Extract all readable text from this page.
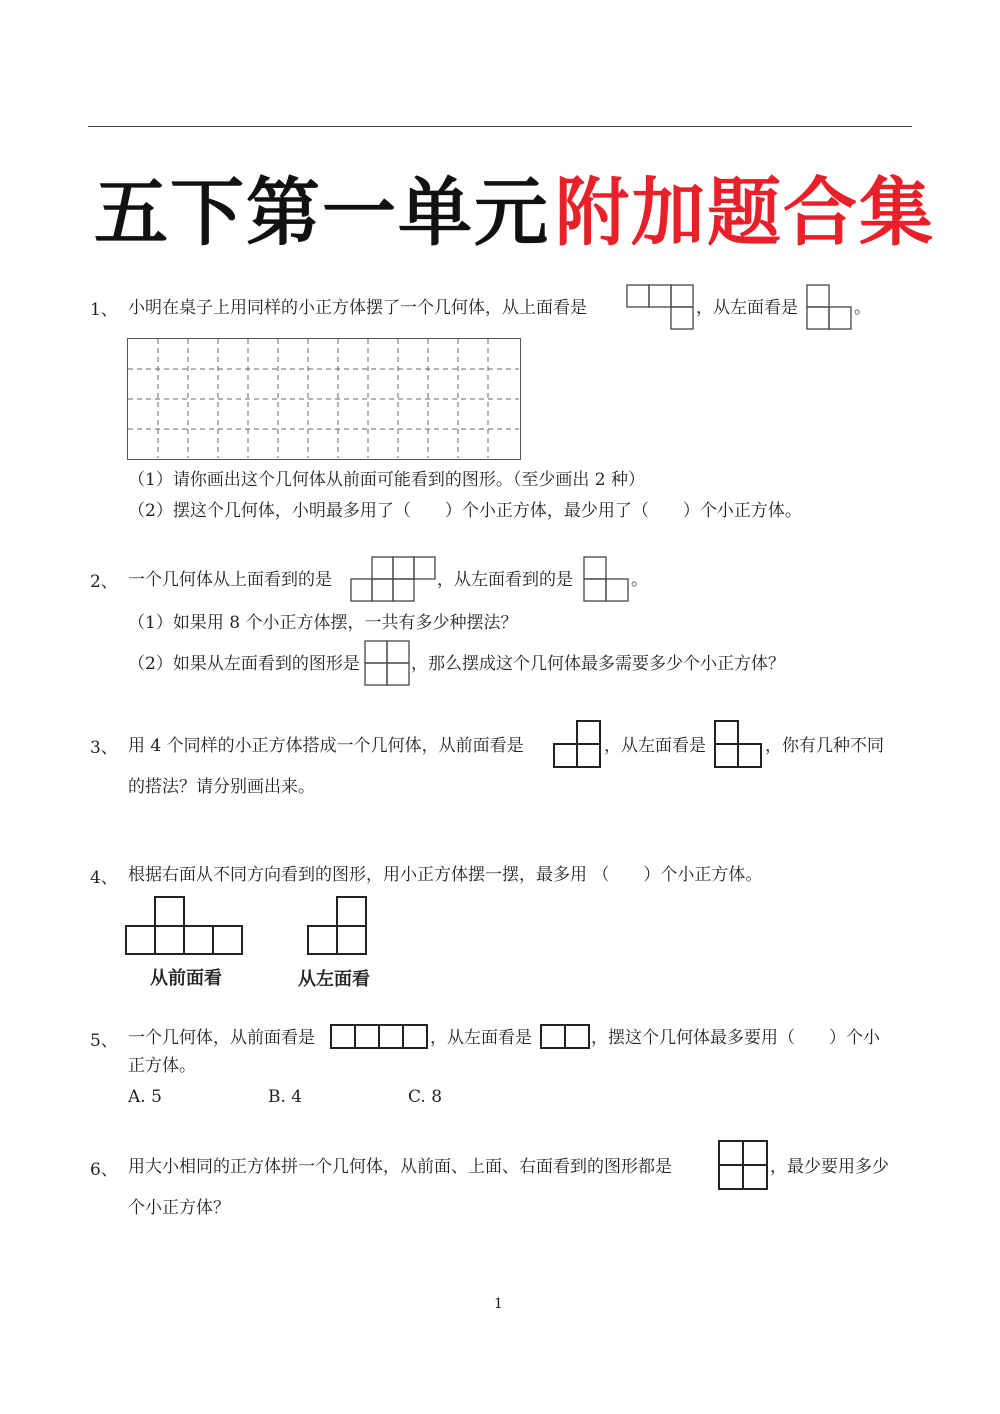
五下第一单元 附加题合集
1、 小明在桌子上用同样的小正方体摆了一个几何体，从上面看是	，从左面看是	。
（1）请你画出这个几何体从前面可能看到的图形。（至少画出 2 种）
（2）摆这个几何体，小明最多用了（　　）个小正方体，最少用了（　　）个小正方体。
2、 一个几何体从上面看到的是	，从左面看到的是	。
（1）如果用 8 个小正方体摆，一共有多少种摆法？
（2）如果从左面看到的图形是	，那么摆成这个几何体最多需要多少个小正方体？
3、 用 4 个同样的小正方体搭成一个几何体，从前面看是	，从左面看是	，你有几种不同
的搭法？请分别画出来。
4、 根据右面从不同方向看到的图形，用小正方体摆一摆，最多用 （　　）个小正方体。
从前面看	从左面看
5、 一个几何体，从前面看是	，从左面看是	，摆这个几何体最多要用（　　）个小
正方体。
A. 5	B. 4	C. 8
6、 用大小相同的正方体拼一个几何体，从前面、上面、右面看到的图形都是	，最少要用多少
个小正方体？
1
